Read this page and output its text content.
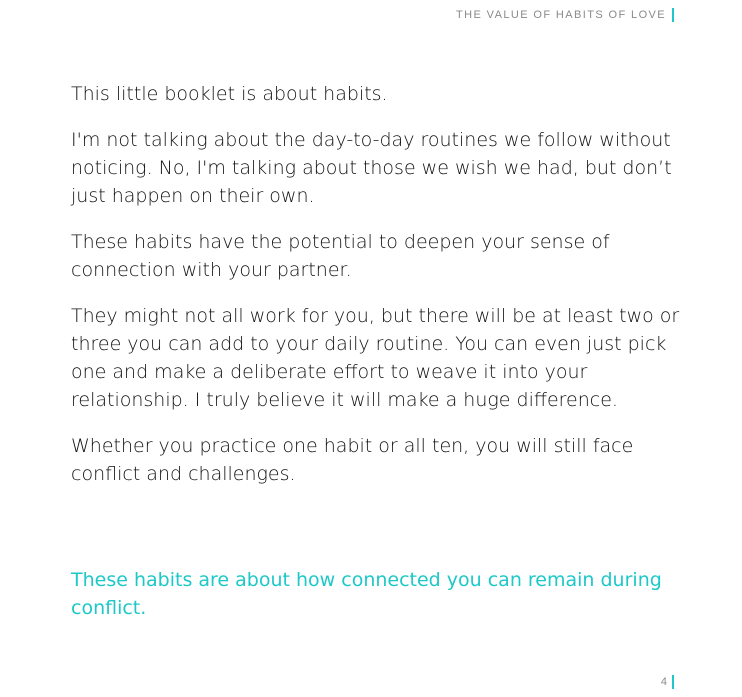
THE VALUE OF HABITS OF LOVE

This little booklet is about habits.

I'm not talking about the day-to-day routines we follow without noticing. No, I'm talking about those we wish we had, but don’t just happen on their own.

These habits have the potential to deepen your sense of connection with your partner.

They might not all work for you, but there will be at least two or three you can add to your daily routine. You can even just pick one and make a deliberate effort to weave it into your relationship. I truly believe it will make a huge difference.

Whether you practice one habit or all ten, you will still face conflict and challenges.

These habits are about how connected you can remain during conflict.

4
